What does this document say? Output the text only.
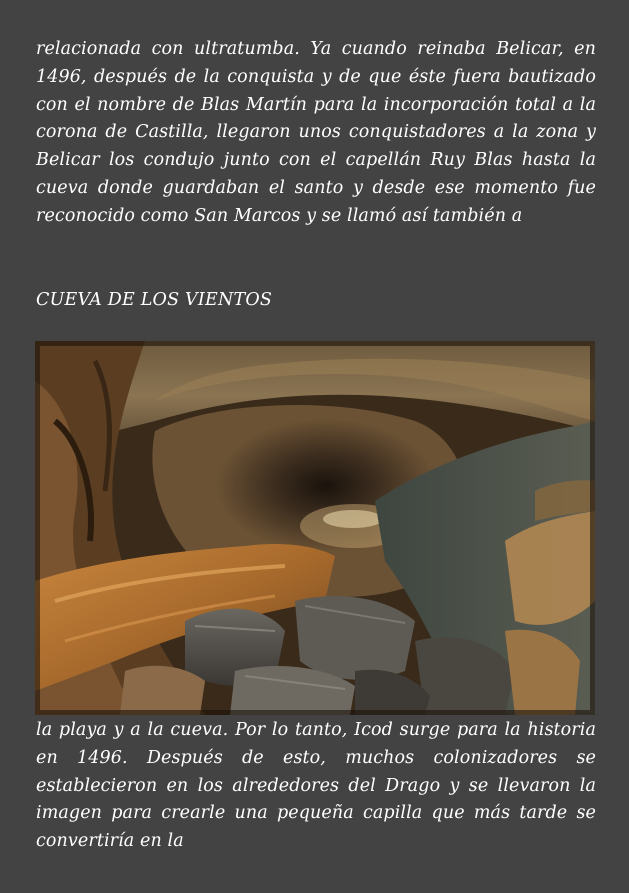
relacionada con ultratumba. Ya cuando reinaba Belicar, en 1496, después de la conquista y de que éste fuera bautizado con el nombre de Blas Martín para la incorporación total a la corona de Castilla, llegaron unos conquistadores a la zona y Belicar los condujo junto con el capellán Ruy Blas hasta la cueva donde guardaban el santo y desde ese momento fue reconocido como San Marcos y se llamó así también a

CUEVA DE LOS VIENTOS

la playa y a la cueva. Por lo tanto, Icod surge para la historia en 1496. Después de esto, muchos colonizadores se establecieron en los alrededores del Drago y se llevaron la imagen para crearle una pequeña capilla que más tarde se convertiría en la
